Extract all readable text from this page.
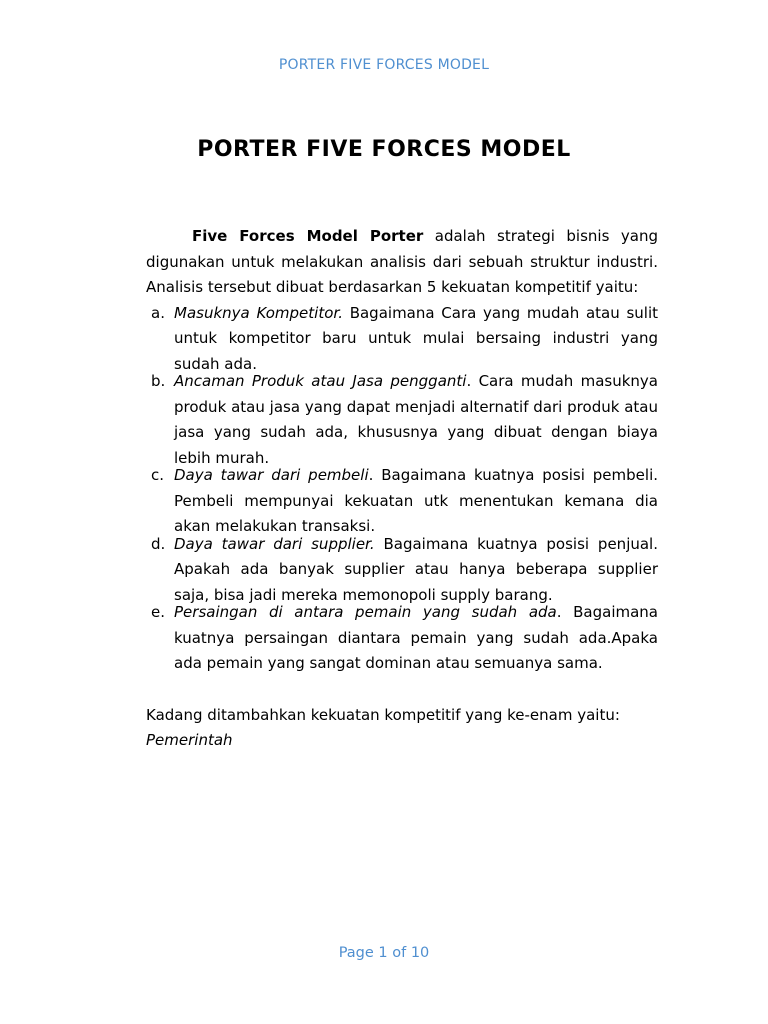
PORTER FIVE FORCES MODEL
PORTER FIVE FORCES MODEL

Five Forces Model Porter adalah strategi bisnis yang digunakan untuk melakukan analisis dari sebuah struktur industri. Analisis tersebut dibuat berdasarkan 5 kekuatan kompetitif yaitu:

a. Masuknya Kompetitor. Bagaimana Cara yang mudah atau sulit untuk kompetitor baru untuk mulai bersaing industri yang sudah ada.
b. Ancaman Produk atau Jasa pengganti. Cara mudah masuknya produk atau jasa yang dapat menjadi alternatif dari produk atau jasa yang sudah ada, khususnya yang dibuat dengan biaya lebih murah.
c. Daya tawar dari pembeli. Bagaimana kuatnya posisi pembeli. Pembeli mempunyai kekuatan utk menentukan kemana dia akan melakukan transaksi.
d. Daya tawar dari supplier. Bagaimana kuatnya posisi penjual. Apakah ada banyak supplier atau hanya beberapa supplier saja, bisa jadi mereka memonopoli supply barang.
e. Persaingan di antara pemain yang sudah ada. Bagaimana kuatnya persaingan diantara pemain yang sudah ada.Apaka ada pemain yang sangat dominan atau semuanya sama.

Kadang ditambahkan kekuatan kompetitif yang ke-enam yaitu:
Pemerintah

Page 1 of 10
